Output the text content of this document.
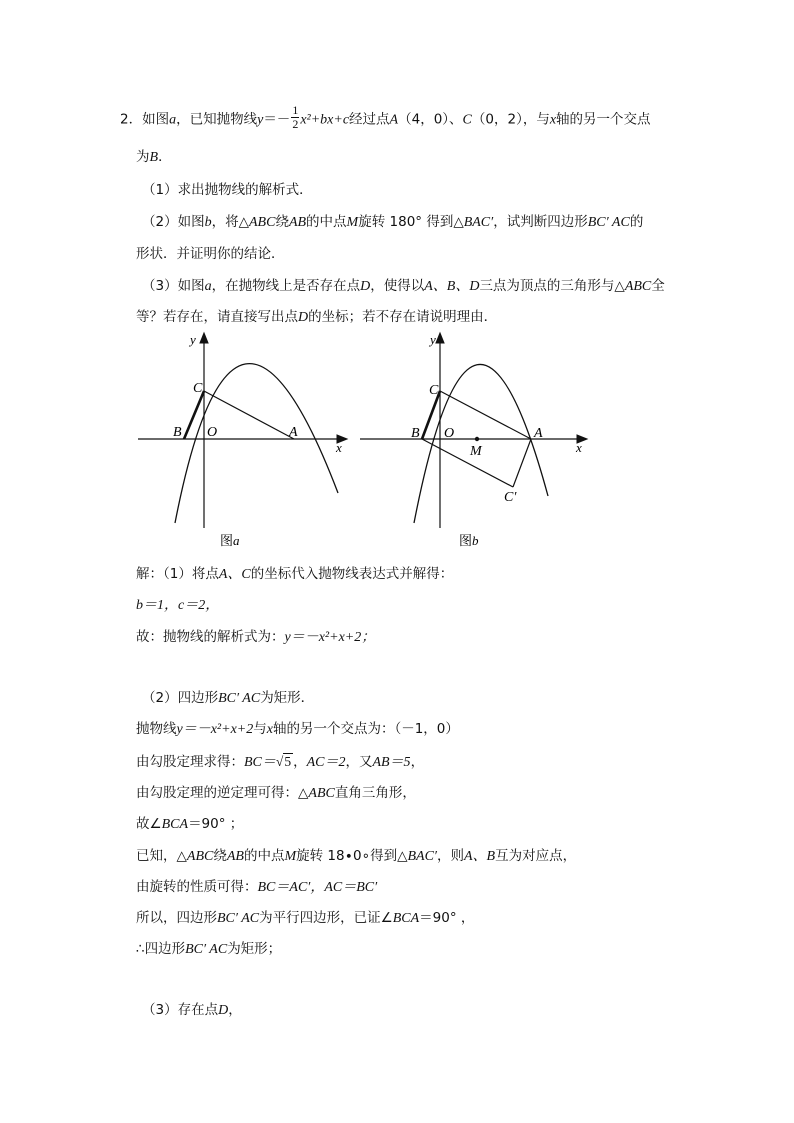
2．如图a，已知抛物线$y=- \frac{1}{2} x^2+bx+c$经过点A（4，0）、C（0，2），与x轴的另一个交点
为B．
（1）求出抛物线的解析式．
（2）如图b，将△ABC绕AB的中点M旋转 180° 得到△BAC′，试判断四边形BC′ AC的
形状．并证明你的结论．
（3）如图a，在抛物线上是否存在点D，使得以A、B、D三点为顶点的三角形与△ABC全
等？若存在，请直接写出点D的坐标；若不存在请说明理由．
y
x
C
B O	A
图a
y
x
C
B O	A
M
C′
图b
解：（1）将点A、C的坐标代入抛物线表达式并解得：
b＝1，c＝2，
故：抛物线的解析式为：y＝－x²+x+2；
（2）四边形BC′ AC为矩形．
抛物线y＝－x²+x+2与x轴的另一个交点为：（－1，0）
由勾股定理求得：BC＝√5 ，AC＝2，又AB＝5，
由勾股定理的逆定理可得：△ABC直角三角形，
故∠BCA＝90° ；
已知，△ABC绕AB的中点M旋转 18∙0∘得到△BAC′，则A、B互为对应点，
由旋转的性质可得：BC＝AC′，AC＝BC′
所以，四边形BC′ AC为平行四边形，已证∠BCA＝90° ，
∴四边形BC′ AC为矩形；
（3）存在点D，
